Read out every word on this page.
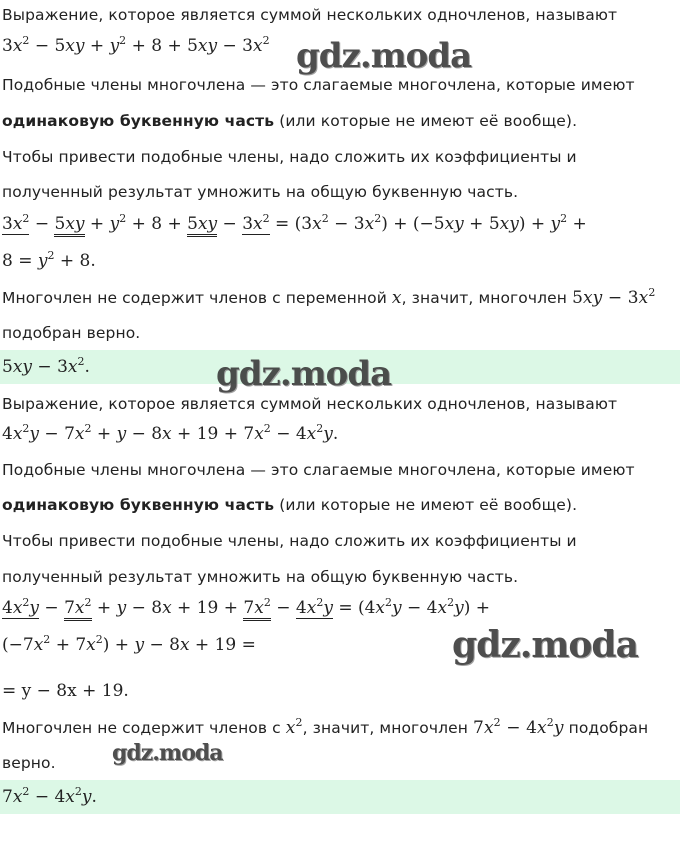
Выражение, которое является суммой нескольких одночленов, называют
$3x^2 - 5xy + y^2 + 8 + 5xy - 3x^2$
Подобные члены многочлена — это слагаемые многочлена, которые имеют
одинаковую буквенную часть (или которые не имеют её вообще).
Чтобы привести подобные члены, надо сложить их коэффициенты и
полученный результат умножить на общую буквенную часть.
$3x^2 - 5xy + y^2 + 8 + 5xy - 3x^2 = (3x^2 - 3x^2) + (-5xy + 5xy) + y^2$ +
$8 = y^2 + 8$.
Многочлен не содержит членов с переменной x, значит, многочлен $5xy - 3x^2$
подобран верно.
$5xy - 3x^2$.
Выражение, которое является суммой нескольких одночленов, называют
$4x^2y - 7x^2 + y - 8x + 19 + 7x^2 - 4x^2y$.
Подобные члены многочлена — это слагаемые многочлена, которые имеют
одинаковую буквенную часть (или которые не имеют её вообще).
Чтобы привести подобные члены, надо сложить их коэффициенты и
полученный результат умножить на общую буквенную часть.
$4x^2y - 7x^2 + y - 8x + 19 + 7x^2 - 4x^2y = (4x^2y - 4x^2y)$ +
$(-7x^2 + 7x^2) + y - 8x + 19$ =
= y − 8x + 19.
Многочлен не содержит членов с $x^2$, значит, многочлен $7x^2 - 4x^2y$ подобран
верно.
$7x^2 - 4x^2y$.
gdz.moda
gdz.moda
gdz.moda
gdz.moda
